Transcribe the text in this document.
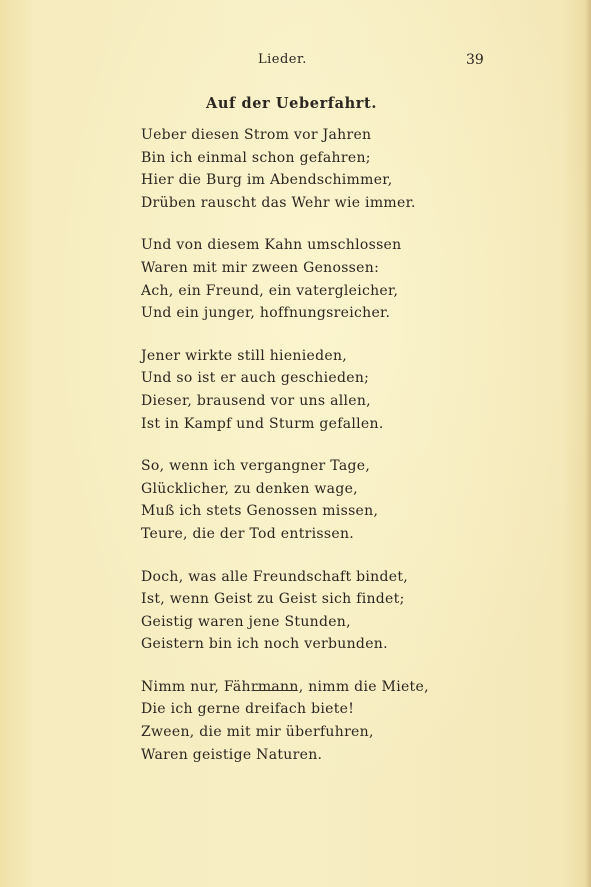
Lieder.	39
Auf der Ueberfahrt.
Ueber diesen Strom vor Jahren
Bin ich einmal schon gefahren;
Hier die Burg im Abendschimmer,
Drüben rauscht das Wehr wie immer.
Und von diesem Kahn umschlossen
Waren mit mir zween Genossen:
Ach, ein Freund, ein vatergleicher,
Und ein junger, hoffnungsreicher.
Jener wirkte still hienieden,
Und so ist er auch geschieden;
Dieser, brausend vor uns allen,
Ist in Kampf und Sturm gefallen.
So, wenn ich vergangner Tage,
Glücklicher, zu denken wage,
Muß ich stets Genossen missen,
Teure, die der Tod entrissen.
Doch, was alle Freundschaft bindet,
Ist, wenn Geist zu Geist sich findet;
Geistig waren jene Stunden,
Geistern bin ich noch verbunden.
Nimm nur, Fährmann, nimm die Miete,
Die ich gerne dreifach biete!
Zween, die mit mir überfuhren,
Waren geistige Naturen.
